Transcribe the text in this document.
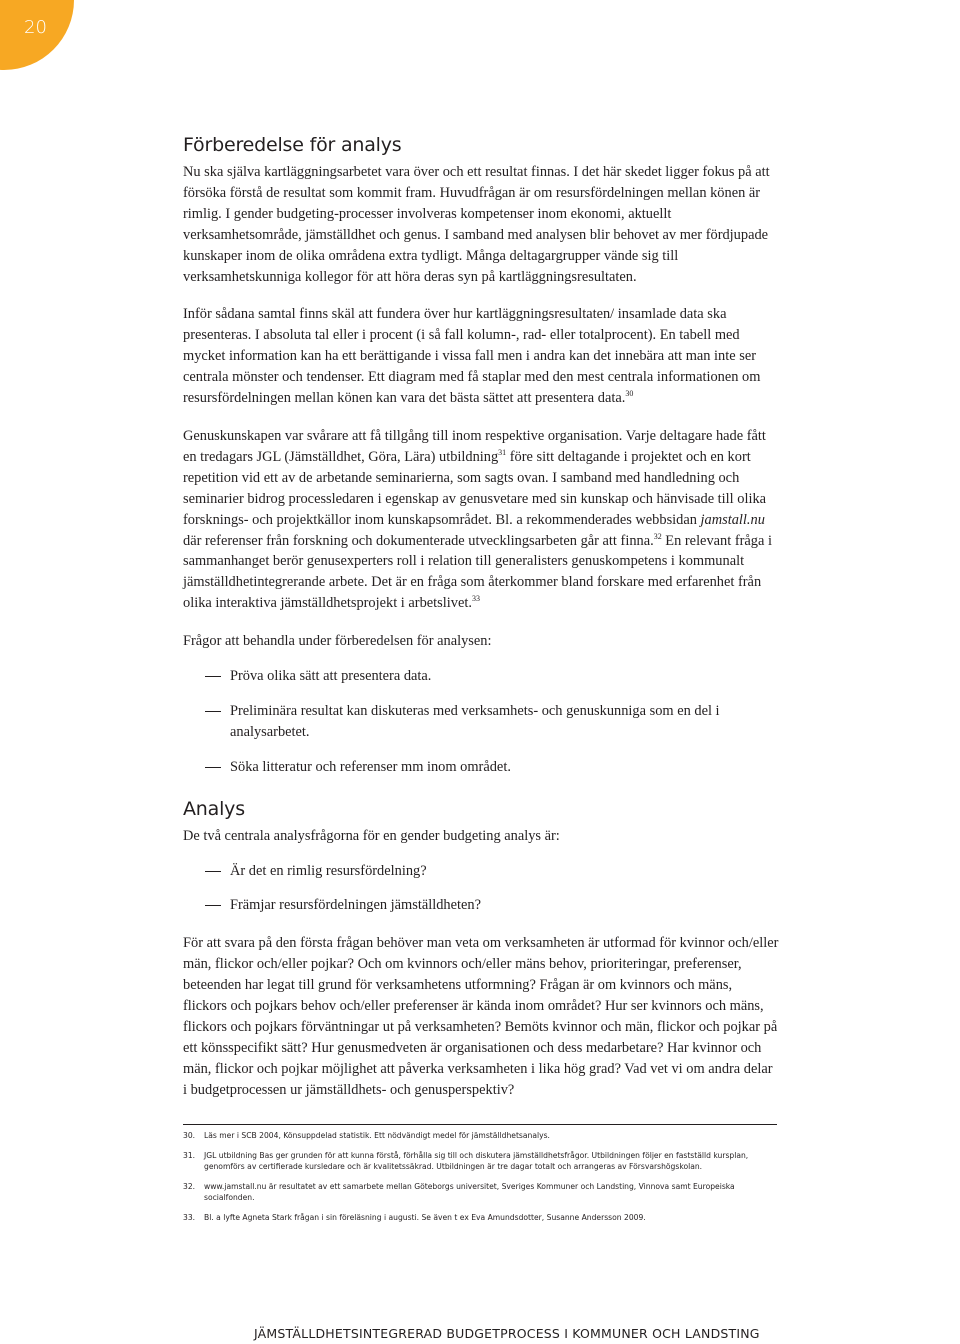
20
Förberedelse för analys

Nu ska själva kartläggningsarbetet vara över och ett resultat finnas. I det här skedet ligger fokus på att försöka förstå de resultat som kommit fram. Huvudfrågan är om resursfördelningen mellan könen är rimlig. I gender budgeting-processer involveras kompetenser inom ekonomi, aktuellt verksamhetsområde, jämställdhet och genus. I samband med analysen blir behovet av mer fördjupade kunskaper inom de olika områdena extra tydligt. Många deltagargrupper vände sig till verksamhetskunniga kollegor för att höra deras syn på kartläggningsresultaten.

Inför sådana samtal finns skäl att fundera över hur kartläggningsresultaten/ insamlade data ska presenteras. I absoluta tal eller i procent (i så fall kolumn-, rad- eller totalprocent). En tabell med mycket information kan ha ett berättigande i vissa fall men i andra kan det innebära att man inte ser centrala mönster och tendenser. Ett diagram med få staplar med den mest centrala informationen om resursfördelningen mellan könen kan vara det bästa sättet att presentera data.$^{30}$

Genuskunskapen var svårare att få tillgång till inom respektive organisation. Varje deltagare hade fått en tredagars JGL (Jämställdhet, Göra, Lära) utbildning$^{31}$ före sitt deltagande i projektet och en kort repetition vid ett av de arbetande seminarierna, som sagts ovan. I samband med handledning och seminarier bidrog processledaren i egenskap av genusvetare med sin kunskap och hänvisade till olika forsknings- och projektkällor inom kunskapsområdet. Bl. a rekommenderades webbsidan jamstall.nu där referenser från forskning och dokumenterade utvecklingsarbeten går att finna.$^{32}$ En relevant fråga i sammanhanget berör genusexperters roll i relation till generalisters genuskompetens i kommunalt jämställdhetintegrerande arbete. Det är en fråga som återkommer bland forskare med erfarenhet från olika interaktiva jämställdhetsprojekt i arbetslivet.$^{33}$

Frågor att behandla under förberedelsen för analysen:

Pröva olika sätt att presentera data.
Preliminära resultat kan diskuteras med verksamhets- och genuskunniga som en del i analysarbetet.
Söka litteratur och referenser mm inom området.
Analys

De två centrala analysfrågorna för en gender budgeting analys är:

Är det en rimlig resursfördelning?
Främjar resursfördelningen jämställdheten?

För att svara på den första frågan behöver man veta om verksamheten är utformad för kvinnor och/eller män, flickor och/eller pojkar? Och om kvinnors och/eller mäns behov, prioriteringar, preferenser, beteenden har legat till grund för verksamhetens utformning? Frågan är om kvinnors och mäns, flickors och pojkars behov och/eller preferenser är kända inom området? Hur ser kvinnors och mäns, flickors och pojkars förväntningar ut på verksamheten? Bemöts kvinnor och män, flickor och pojkar på ett könsspecifikt sätt? Hur genusmedveten är organisationen och dess medarbetare? Har kvinnor och män, flickor och pojkar möjlighet att påverka verksamheten i lika hög grad? Vad vet vi om andra delar i budgetprocessen ur jämställdhets- och genusperspektiv?

30.	Läs mer i SCB 2004, Könsuppdelad statistik. Ett nödvändigt medel för jämställdhetsanalys.
31.	JGL utbildning Bas ger grunden för att kunna förstå, förhålla sig till och diskutera jämställdhetsfrågor. Utbildningen följer en fastställd kursplan, genomförs av certifierade kursledare och är kvalitetssäkrad. Utbildningen är tre dagar totalt och arrangeras av Försvarshögskolan.
32.	www.jamstall.nu är resultatet av ett samarbete mellan Göteborgs universitet, Sveriges Kommuner och Landsting, Vinnova samt Europeiska socialfonden.
33.	Bl. a lyfte Agneta Stark frågan i sin föreläsning i augusti. Se även t ex Eva Amundsdotter, Susanne Andersson 2009.
JÄMSTÄLLDHETSINTEGRERAD BUDGETPROCESS I KOMMUNER OCH LANDSTING
